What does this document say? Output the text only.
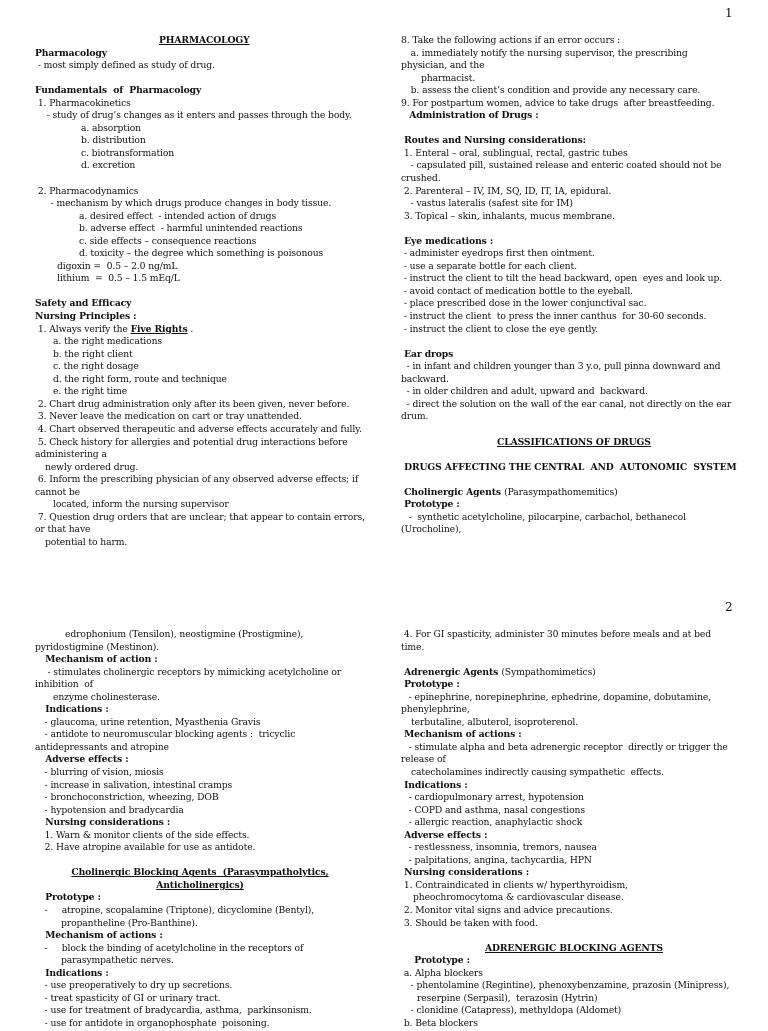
1
PHARMACOLOGY
Pharmacology
- most simply defined as study of drug.
Fundamentals  of  Pharmacology
1. Pharmacokinetics
- study of drug’s changes as it enters and passes through the body.
a. absorption
b. distribution
c. biotransformation
d. excretion
2. Pharmacodynamics
- mechanism by which drugs produce changes in body tissue.
a. desired effect  - intended action of drugs
b. adverse effect  - harmful unintended reactions
c. side effects – consequence reactions
d. toxicity – the degree which something is poisonous
digoxin =  0.5 – 2.0 ng/mL
lithium  =  0.5 – 1.5 mEq/L
Safety and Efficacy
Nursing Principles :
1. Always verify the Five Rights .
a. the right medications
b. the right client
c. the right dosage
d. the right form, route and technique
e. the right time
2. Chart drug administration only after its been given, never before.
3. Never leave the medication on cart or tray unattended.
4. Chart observed therapeutic and adverse effects accurately and fully.
5. Check history for allergies and potential drug interactions before
administering a
newly ordered drug.
6. Inform the prescribing physician of any observed adverse effects; if
cannot be
located, inform the nursing supervisor
7. Question drug orders that are unclear; that appear to contain errors,
or that have
potential to harm.
8. Take the following actions if an error occurs :
a. immediately notify the nursing supervisor, the prescribing
physician, and the
pharmacist.
b. assess the client’s condition and provide any necessary care.
9. For postpartum women, advice to take drugs  after breastfeeding.
Administration of Drugs :
Routes and Nursing considerations:
1. Enteral – oral, sublingual, rectal, gastric tubes
- capsulated pill, sustained release and enteric coated should not be
crushed.
2. Parenteral – IV, IM, SQ, ID, IT, IA, epidural.
- vastus lateralis (safest site for IM)
3. Topical – skin, inhalants, mucus membrane.
Eye medications :
- administer eyedrops first then ointment.
- use a separate bottle for each client.
- instruct the client to tilt the head backward, open  eyes and look up.
- avoid contact of medication bottle to the eyeball.
- place prescribed dose in the lower conjunctival sac.
- instruct the client  to press the inner canthus  for 30-60 seconds.
- instruct the client to close the eye gently.
Ear drops
- in infant and children younger than 3 y.o, pull pinna downward and
backward.
- in older children and adult, upward and  backward.
- direct the solution on the wall of the ear canal, not directly on the ear
drum.
CLASSIFICATIONS OF DRUGS
DRUGS AFFECTING THE CENTRAL  AND  AUTONOMIC  SYSTEM
Cholinergic Agents (Parasympathomemitics)
Prototype :
-  synthetic acetylcholine, pilocarpine, carbachol, bethanecol
(Urocholine),
2
edrophonium (Tensilon), neostigmine (Prostigmine),
pyridostigmine (Mestinon).
Mechanism of action :
- stimulates cholinergic receptors by mimicking acetylcholine or
inhibition  of
enzyme cholinesterase.
Indications :
- glaucoma, urine retention, Myasthenia Gravis
- antidote to neuromuscular blocking agents :  tricyclic
antidepressants and atropine
Adverse effects :
- blurring of vision, miosis
- increase in salivation, intestinal cramps
- bronchoconstriction, wheezing, DOB
- hypotension and bradycardia
Nursing considerations :
1. Warn & monitor clients of the side effects.
2. Have atropine available for use as antidote.
Cholinergic Blocking Agents  (Parasympatholytics,
Anticholinergics)
Prototype :
-     atropine, scopalamine (Triptone), dicyclomine (Bentyl),
propantheline (Pro-Banthine).
Mechanism of actions :
-     block the binding of acetylcholine in the receptors of
parasympathetic nerves.
Indications :
- use preoperatively to dry up secretions.
- treat spasticity of GI or urinary tract.
- use for treatment of bradycardia, asthma,  parkinsonism.
- use for antidote in organophosphate  poisoning.
4. For GI spasticity, administer 30 minutes before meals and at bed
time.
Adrenergic Agents (Sympathomimetics)
Prototype :
- epinephrine, norepinephrine, ephedrine, dopamine, dobutamine,
phenylephrine,
terbutaline, albuterol, isoproterenol.
Mechanism of actions :
- stimulate alpha and beta adrenergic receptor  directly or trigger the
release of
catecholamines indirectly causing sympathetic  effects.
Indications :
- cardiopulmonary arrest, hypotension
- COPD and asthma, nasal congestions
- allergic reaction, anaphylactic shock
Adverse effects :
- restlessness, insomnia, tremors, nausea
- palpitations, angina, tachycardia, HPN
Nursing considerations :
1. Contraindicated in clients w/ hyperthyroidism,
pheochromocytoma & cardiovascular disease.
2. Monitor vital signs and advice precautions.
3. Should be taken with food.
ADRENERGIC BLOCKING AGENTS
Prototype :
a. Alpha blockers
- phentolamine (Regintine), phenoxybenzamine, prazosin (Minipress),
reserpine (Serpasil),  terazosin (Hytrin)
- clonidine (Catapress), methyldopa (Aldomet)
b. Beta blockers
